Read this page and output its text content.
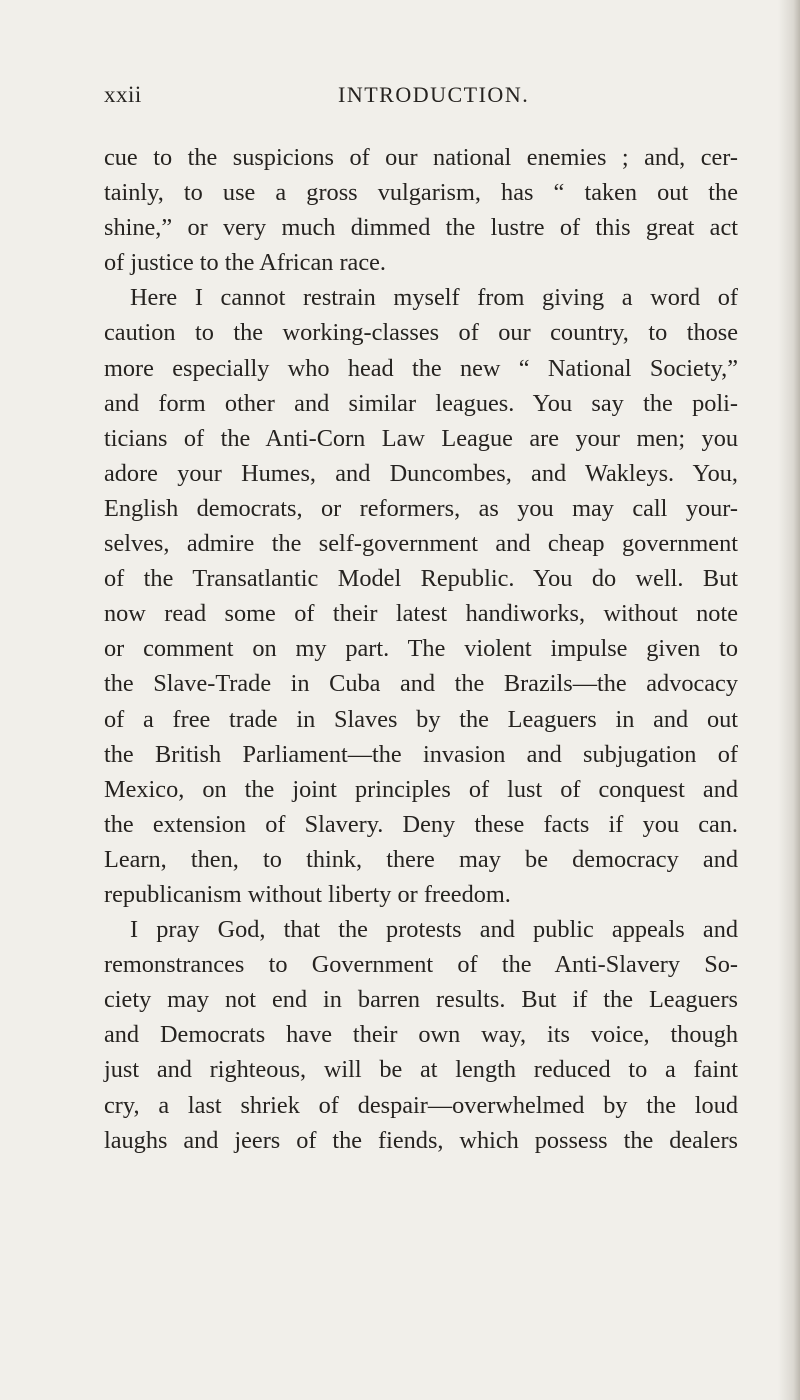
xxii	INTRODUCTION.
cue to the suspicions of our national enemies ; and, cer-
tainly, to use a gross vulgarism, has “ taken out the
shine,” or very much dimmed the lustre of this great act
of justice to the African race.
Here I cannot restrain myself from giving a word of
caution to the working-classes of our country, to those
more especially who head the new “ National Society,”
and form other and similar leagues. You say the poli-
ticians of the Anti-Corn Law League are your men; you
adore your Humes, and Duncombes, and Wakleys. You,
English democrats, or reformers, as you may call your-
selves, admire the self-government and cheap government
of the Transatlantic Model Republic. You do well. But
now read some of their latest handiworks, without note
or comment on my part. The violent impulse given to
the Slave-Trade in Cuba and the Brazils—the advocacy
of a free trade in Slaves by the Leaguers in and out
the British Parliament—the invasion and subjugation of
Mexico, on the joint principles of lust of conquest and
the extension of Slavery. Deny these facts if you can.
Learn, then, to think, there may be democracy and
republicanism without liberty or freedom.
I pray God, that the protests and public appeals and
remonstrances to Government of the Anti-Slavery So-
ciety may not end in barren results. But if the Leaguers
and Democrats have their own way, its voice, though
just and righteous, will be at length reduced to a faint
cry, a last shriek of despair—overwhelmed by the loud
laughs and jeers of the fiends, which possess the dealers
